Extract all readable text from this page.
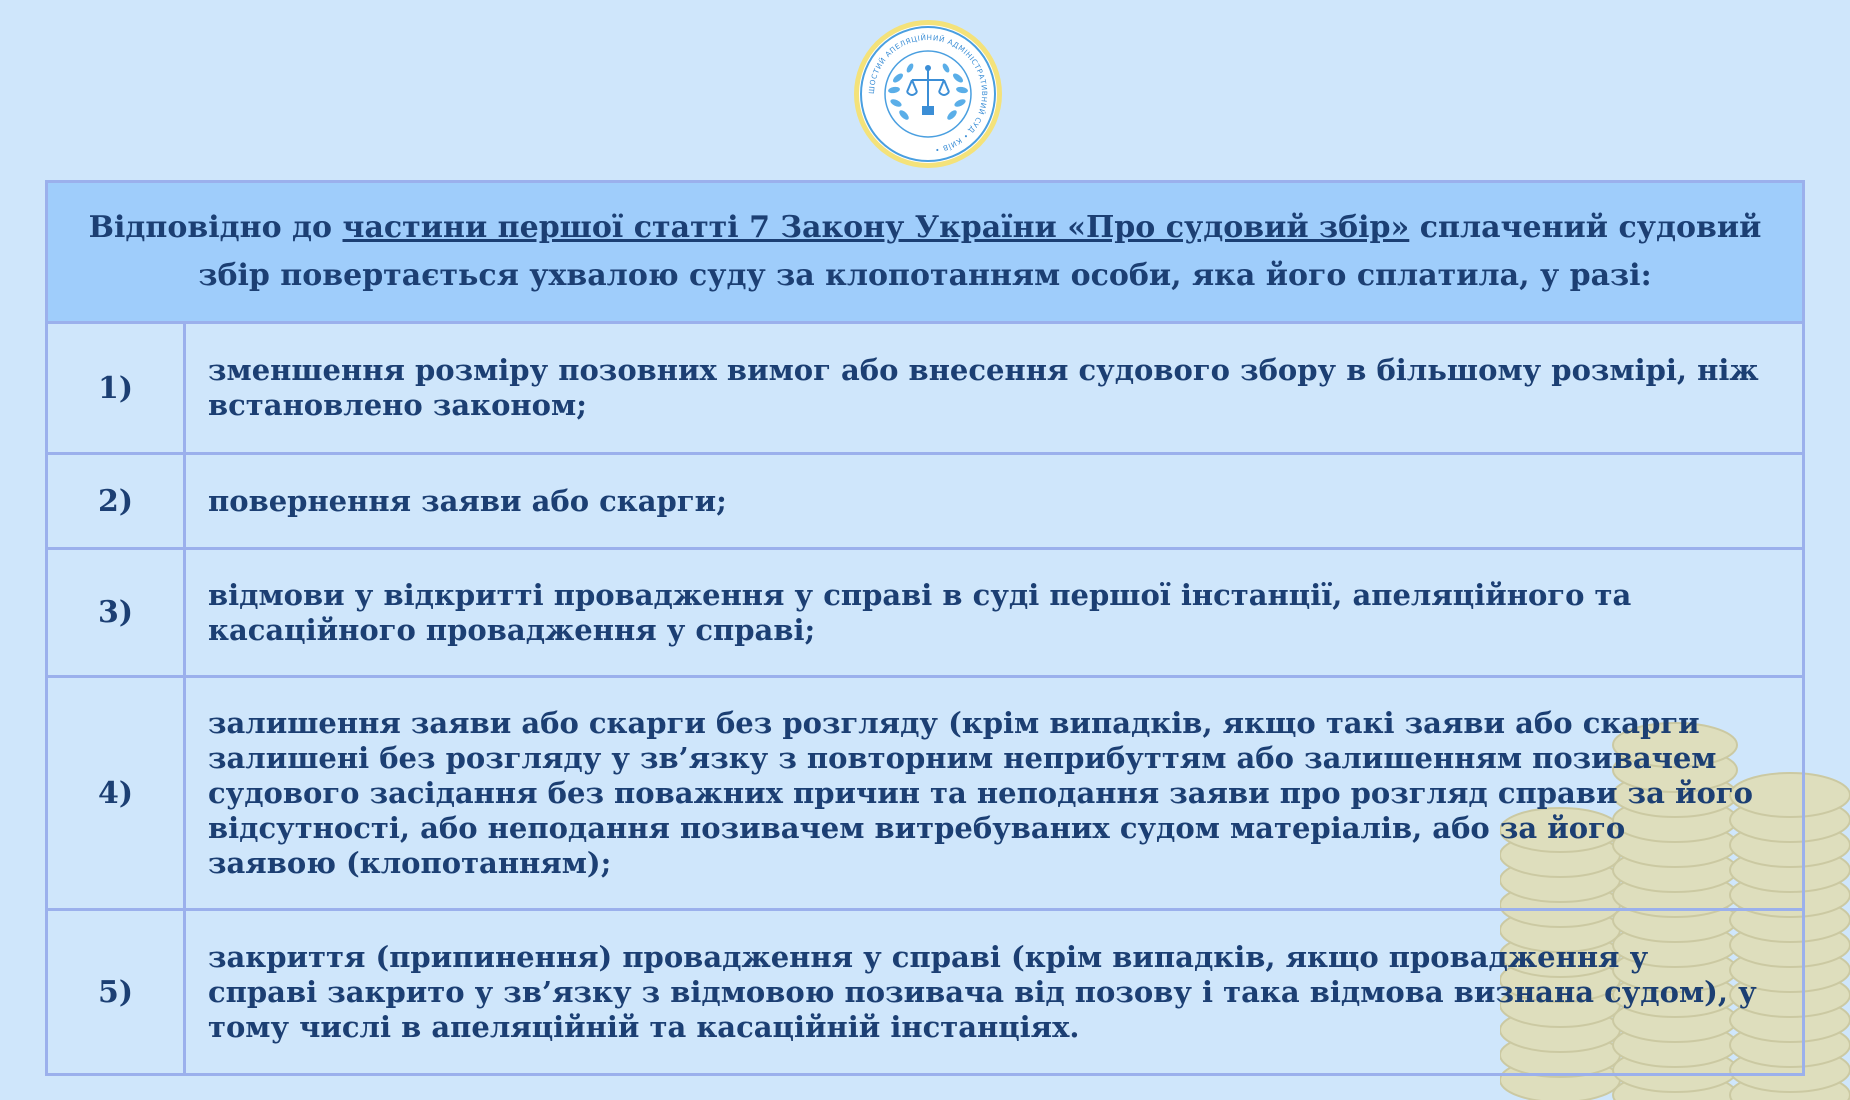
ШОСТИЙ АПЕЛЯЦІЙНИЙ АДМІНІСТРАТИВНИЙ СУД • КИЇВ •
Відповідно до частини першої статті 7 Закону України «Про судовий збір» сплачений судовий збір повертається ухвалою суду за клопотанням особи, яка його сплатила, у разі:
1)
зменшення розміру позовних вимог або внесення судового збору в більшому розмірі, ніж встановлено законом;
2)	повернення заяви або скарги;
3)
відмови у відкритті провадження у справі в суді першої інстанції, апеляційного та касаційного провадження у справі;
4)
залишення заяви або скарги без розгляду (крім випадків, якщо такі заяви або скарги залишені без розгляду у зв’язку з повторним неприбуттям або залишенням позивачем судового засідання без поважних причин та неподання заяви про розгляд справи за його відсутності, або неподання позивачем витребуваних судом матеріалів, або за його заявою (клопотанням);
5)
закриття (припинення) провадження у справі (крім випадків, якщо провадження у справі закрито у зв’язку з відмовою позивача від позову і така відмова визнана судом), у тому числі в апеляційній та касаційній інстанціях.
